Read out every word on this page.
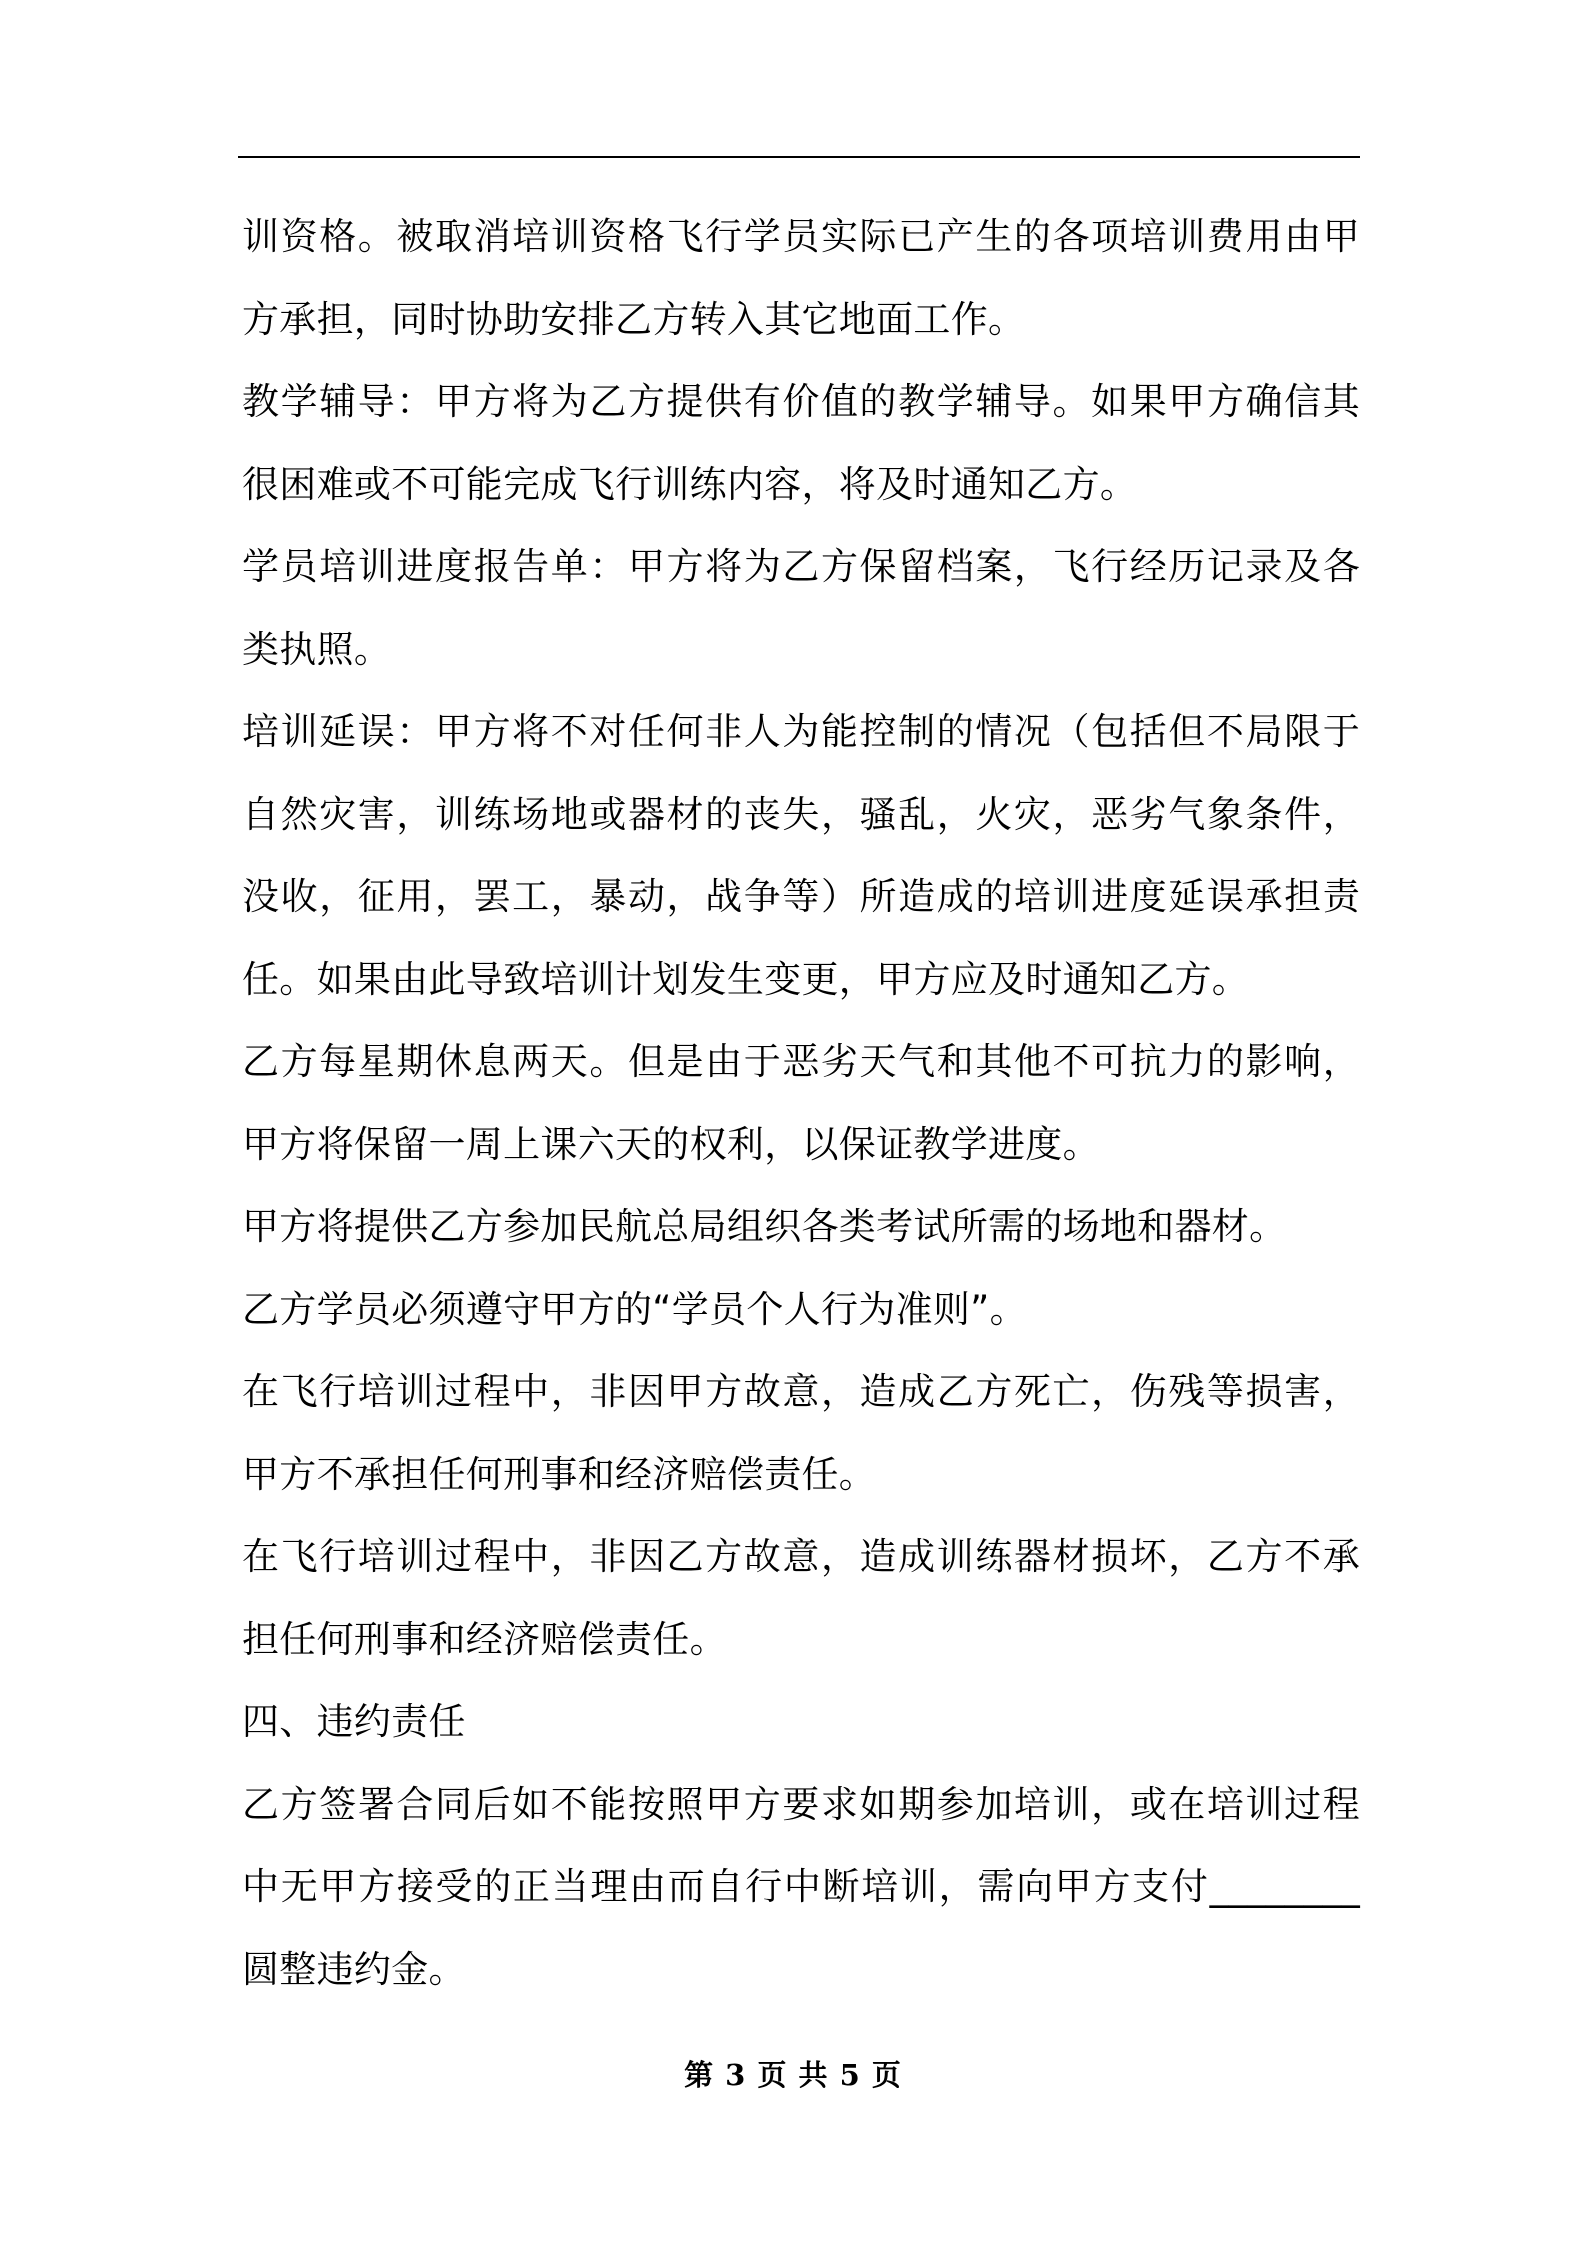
训资格。被取消培训资格飞行学员实际已产生的各项培训费用由甲方承担，同时协助安排乙方转入其它地面工作。

教学辅导：甲方将为乙方提供有价值的教学辅导。如果甲方确信其很困难或不可能完成飞行训练内容，将及时通知乙方。

学员培训进度报告单：甲方将为乙方保留档案，飞行经历记录及各类执照。

培训延误：甲方将不对任何非人为能控制的情况（包括但不局限于自然灾害，训练场地或器材的丧失，骚乱，火灾，恶劣气象条件，没收，征用，罢工，暴动，战争等）所造成的培训进度延误承担责任。如果由此导致培训计划发生变更，甲方应及时通知乙方。

乙方每星期休息两天。但是由于恶劣天气和其他不可抗力的影响，甲方将保留一周上课六天的权利，以保证教学进度。

甲方将提供乙方参加民航总局组织各类考试所需的场地和器材。

乙方学员必须遵守甲方的“学员个人行为准则”。

在飞行培训过程中，非因甲方故意，造成乙方死亡，伤残等损害，甲方不承担任何刑事和经济赔偿责任。

在飞行培训过程中，非因乙方故意，造成训练器材损坏，乙方不承担任何刑事和经济赔偿责任。

四、违约责任

乙方签署合同后如不能按照甲方要求如期参加培训，或在培训过程中无甲方接受的正当理由而自行中断培训，需向甲方支付________圆整违约金。

第 3 页 共 5 页
